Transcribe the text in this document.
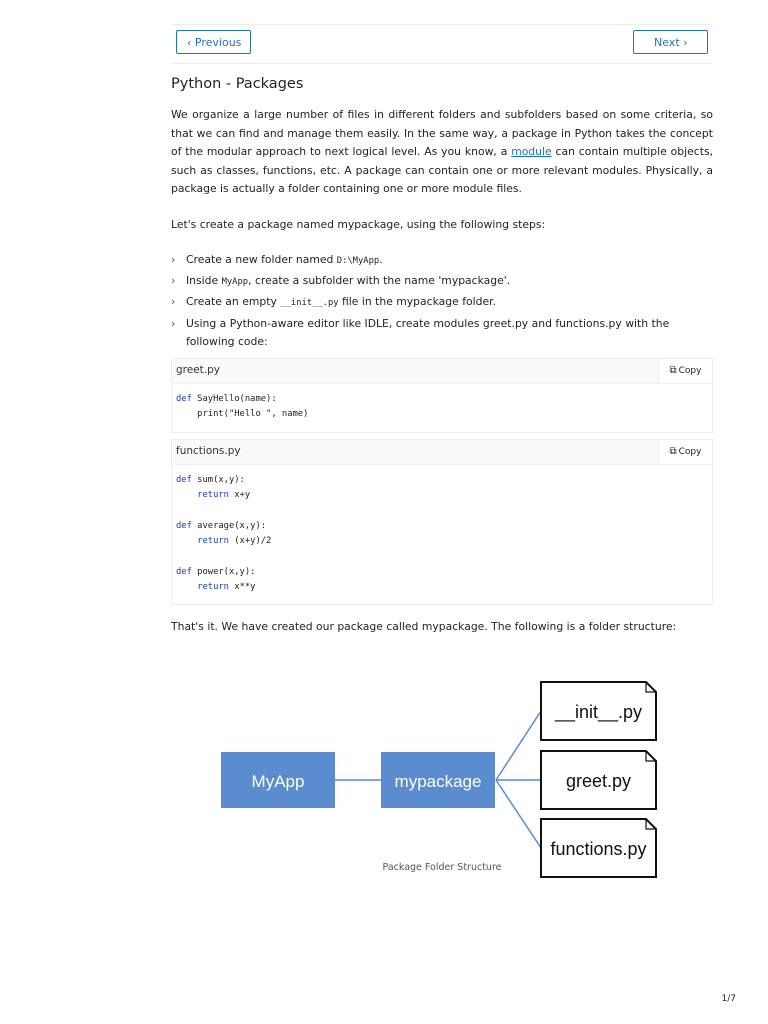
‹ Previous	Next ›
Python - Packages

We organize a large number of files in different folders and subfolders based on some criteria, so that we can find and manage them easily. In the same way, a package in Python takes the concept of the modular approach to next logical level. As you know, a module can contain multiple objects, such as classes, functions, etc. A package can contain one or more relevant modules. Physically, a package is actually a folder containing one or more module files.

Let's create a package named mypackage, using the following steps:

› Create a new folder named D:\MyApp.
› Inside MyApp, create a subfolder with the name 'mypackage'.
› Create an empty __init__.py file in the mypackage folder.
› Using a Python-aware editor like IDLE, create modules greet.py and functions.py with the following code:
greet.py	⧉ Copy
def SayHello(name):
print("Hello ", name)
functions.py	⧉ Copy
def sum(x,y):
return x+y
def average(x,y):
return (x+y)/2
def power(x,y):
return x**y

That's it. We have created our package called mypackage. The following is a folder structure:

MyApp	mypackage
__init__.py
greet.py
functions.py
Package Folder Structure
1/7
